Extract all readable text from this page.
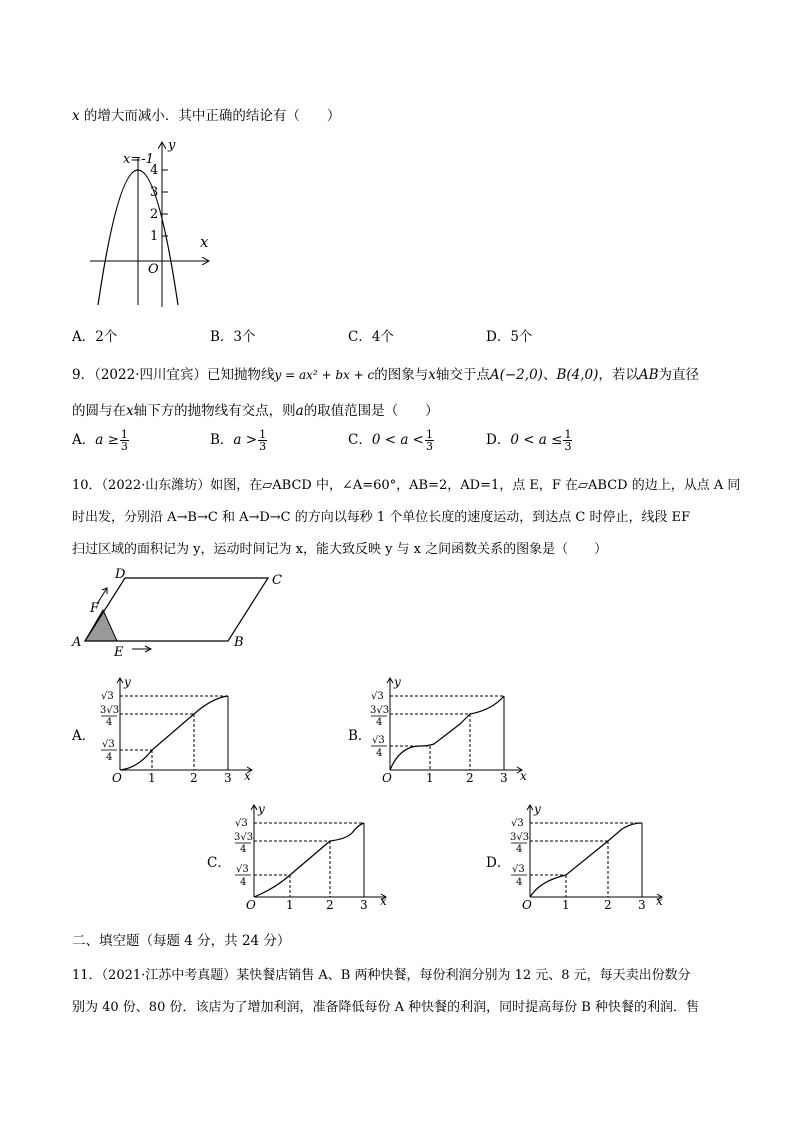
x 的增大而减小．其中正确的结论有（　　）
4
3
2
1
x=-1
y
x
O
A．2个	B．3个	C．4个	D．5个
9．（2022·四川宜宾）已知抛物线y = ax² + bx + c的图象与x轴交于点A(−2,0)、B(4,0)，若以AB为直径
的圆与在x轴下方的抛物线有交点，则a的取值范围是（　　）
A．$a \ge \frac{1}{3}$	B．$a > \frac{1}{3}$	C．$0 < a < \frac{1}{3}$	D．$0 < a \le \frac{1}{3}$
10．（2022·山东潍坊）如图，在▱ABCD 中，∠A=60°，AB=2，AD=1，点 E，F 在▱ABCD 的边上，从点 A 同
时出发，分别沿 A→B→C 和 A→D→C 的方向以每秒 1 个单位长度的速度运动，到达点 C 时停止，线段 EF
扫过区域的面积记为 y，运动时间记为 x，能大致反映 y 与 x 之间函数关系的图象是（　　）
A	B
C
D
E
F
A．
O 1	2 3 x
y
√3
3√3
4
√3
4
B．
O	1	2 3 x
y
√3
3√3
4
√3
4
C．
O	1	2 3 x
y
√3
3√3
4
√3
4
D．
O	1	2 3 x
y
√3
3√3
4
√3
4
二、填空题（每题 4 分，共 24 分）
11．（2021·江苏中考真题）某快餐店销售 A、B 两种快餐，每份利润分别为 12 元、8 元，每天卖出份数分
别为 40 份、80 份．该店为了增加利润，准备降低每份 A 种快餐的利润，同时提高每份 B 种快餐的利润．售
